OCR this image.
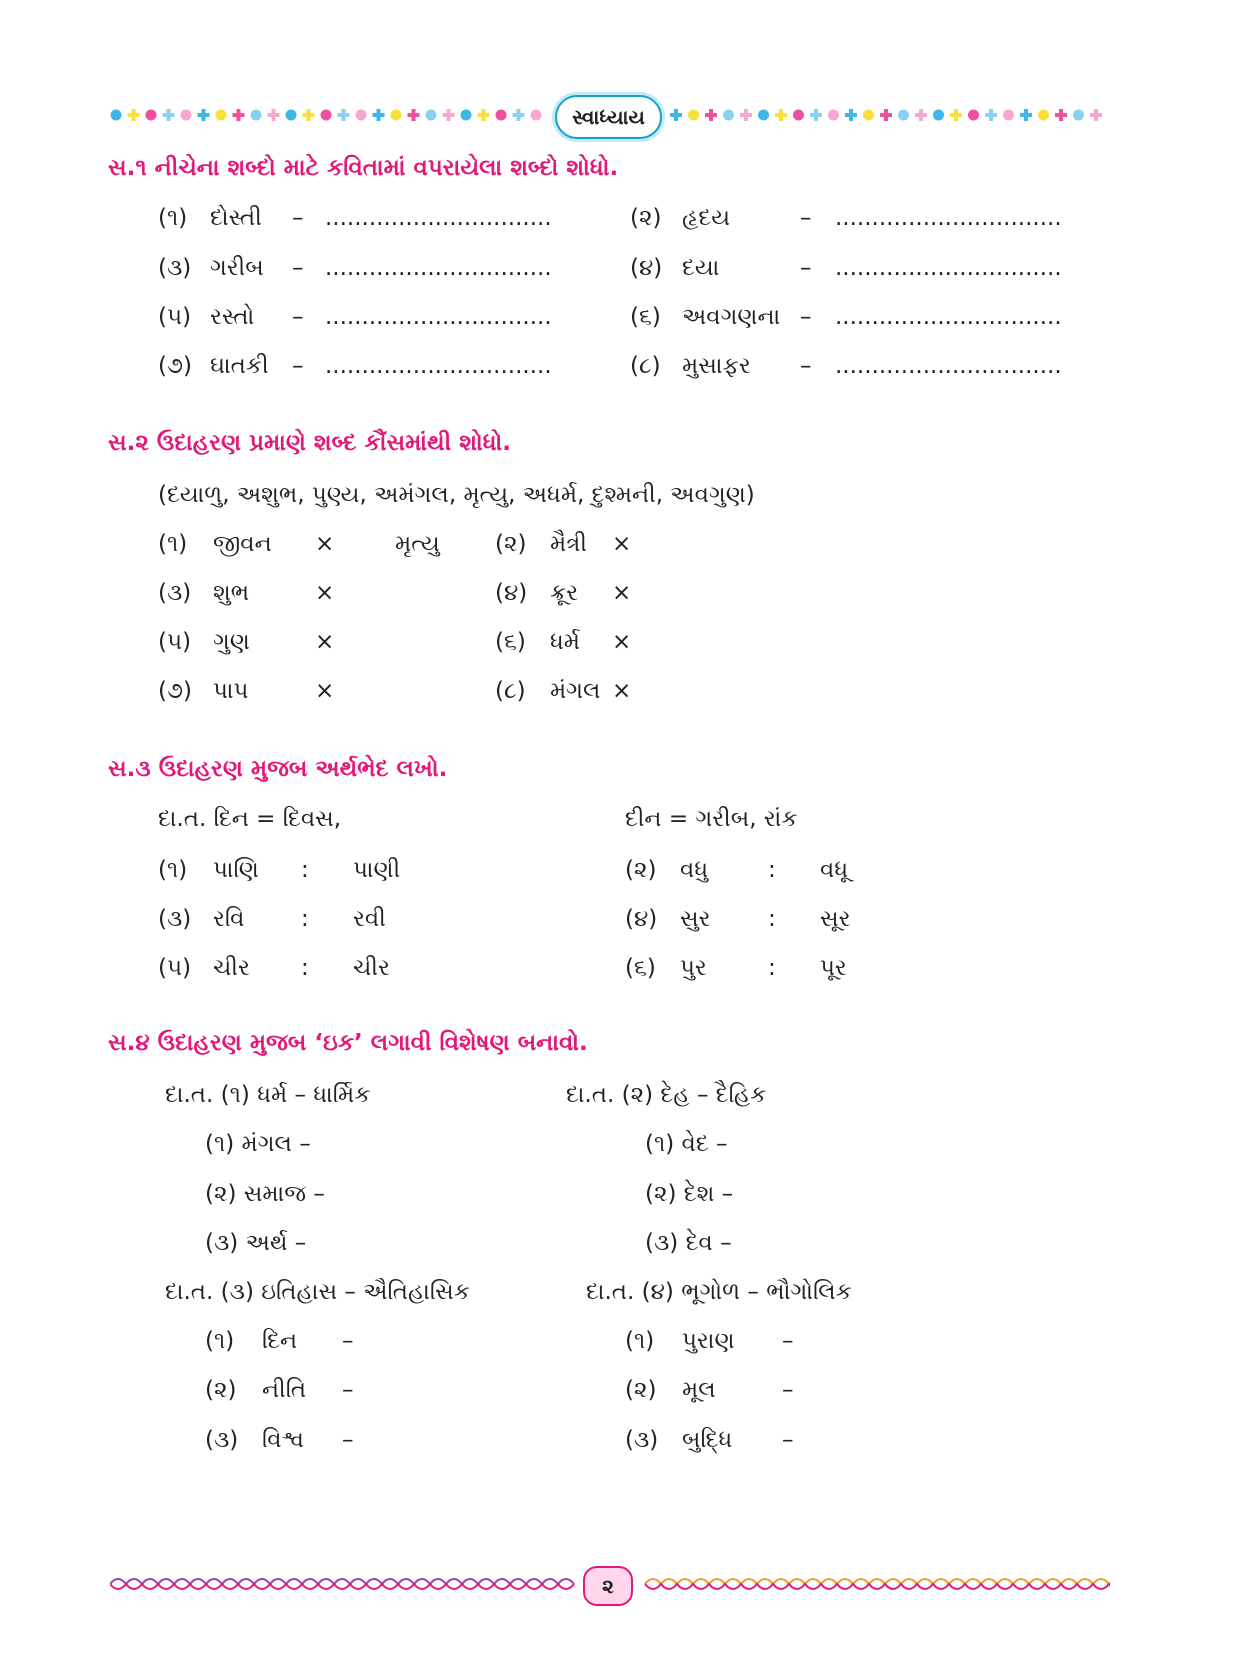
સ્વાધ્યાય
સ.૧ નીચેના શબ્દો માટે કવિતામાં વપરાયેલા શબ્દો શોધો.
(૧) દોસ્તી – ...............................	(૨) હૃદય	– ...............................
(૩) ગરીબ – ...............................	(૪) દયા	– ...............................
(૫) રસ્તો – ...............................	(૬) અવગણના – ...............................
(૭) ઘાતકી – ...............................	(૮) મુસાફર – ...............................
સ.૨ ઉદાહરણ પ્રમાણે શબ્દ કૌંસમાંથી શોધો.
(દયાળુ, અશુભ, પુણ્ય, અમંગલ, મૃત્યુ, અધર્મ, દુશ્મની, અવગુણ)
(૧) જીવન ×	મૃત્યુ (૨) મૈત્રી ×
(૩) શુભ	×	(૪) ક્રૂર ×
(૫) ગુણ	×	(૬) ધર્મ ×
(૭) પાપ	×	(૮) મંગલ ×
સ.૩ ઉદાહરણ મુજબ અર્થભેદ લખો.
દા.ત. દિન = દિવસ,	દીન = ગરીબ, રાંક
(૧) પાણિ : પાણી	(૨) વધુ	: વધૂ
(૩) રવિ : રવી	(૪) સુર : સૂર
(૫) ચીર : ચીર	(૬) પુર	: પૂર
સ.૪ ઉદાહરણ મુજબ ‘ઇક’ લગાવી વિશેષણ બનાવો.
દા.ત. (૧) ધર્મ – ધાર્મિક	દા.ત. (૨) દેહ – દૈહિક
(૧) મંગલ –
(૨) સમાજ –
(૩) અર્થ –
(૧) વેદ –
(૨) દેશ –
(૩) દેવ –
દા.ત. (૩) ઇતિહાસ – ઐતિહાસિક	દા.ત. (૪) ભૂગોળ – ભૌગોલિક
(૧) દિન –
(૨) નીતિ –
(૩) વિશ્વ –
(૧) પુરાણ –
(૨) મૂલ	–
(૩) બુદ્ધિ –
૨
